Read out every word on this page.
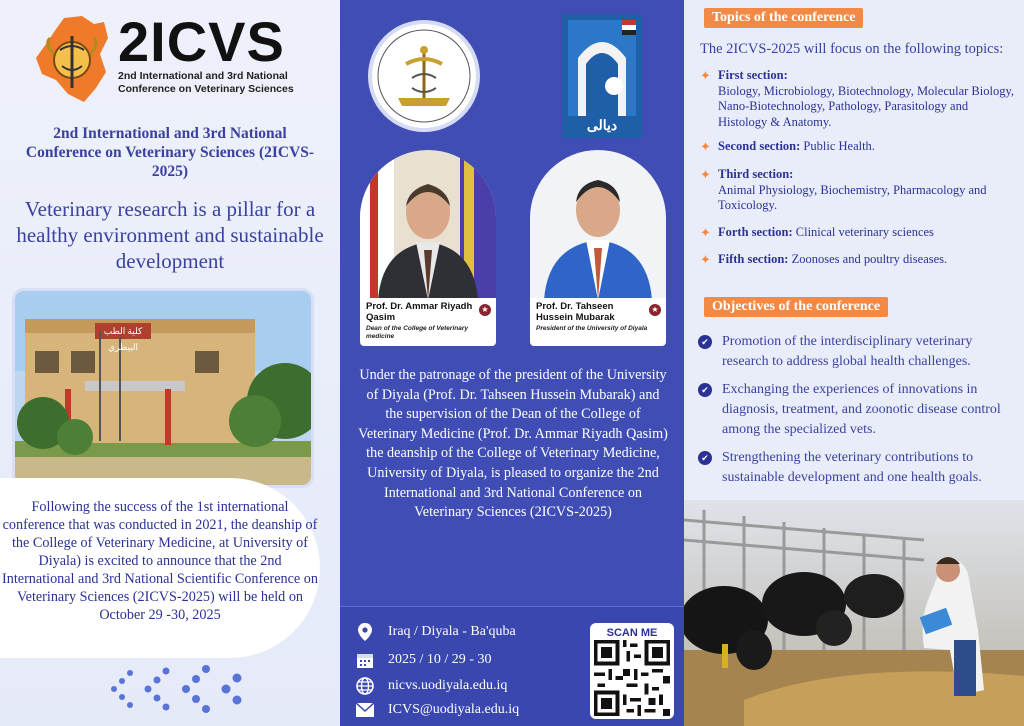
2ICVS
2nd International and 3rd National Conference on Veterinary Sciences
2nd International and 3rd National Conference on Veterinary Sciences (2ICVS-2025)
Veterinary research is a pillar for a healthy environment and sustainable development
كلية الطب البيطري
Following the success of the 1st international conference that was conducted in 2021, the deanship of the College of Veterinary Medicine, at University of Diyala) is excited to announce that the 2nd International and 3rd National Scientific Conference on Veterinary Sciences (2ICVS-2025) will be held on October 29 -30, 2025
ديالى
Prof. Dr. Ammar Riyadh Qasim
Dean of the College of Veterinary medicine
★	Prof. Dr. Tahseen Hussein Mubarak
President of the University of Diyala
★
Under the patronage of the president of the University of Diyala (Prof. Dr. Tahseen Hussein Mubarak) and the supervision of the Dean of the College of Veterinary Medicine (Prof. Dr. Ammar Riyadh Qasim) the deanship of the College of Veterinary Medicine, University of Diyala, is pleased to organize the 2nd International and 3rd National Conference on Veterinary Sciences (2ICVS-2025)
Iraq / Diyala - Ba'quba
2025 / 10 / 29 - 30
nicvs.uodiyala.edu.iq
ICVS@uodiyala.edu.iq
SCAN ME
Topics of the conference
The 2ICVS-2025 will focus on the following topics:
✦ First section:
Biology, Microbiology, Biotechnology, Molecular Biology, Nano-Biotechnology, Pathology, Parasitology and Histology & Anatomy.
✦ Second section: Public Health.
✦ Third section:
Animal Physiology, Biochemistry, Pharmacology and Toxicology.
✦ Forth section: Clinical veterinary sciences
✦ Fifth section: Zoonoses and poultry diseases.
Objectives of the conference
✔ Promotion of the interdisciplinary veterinary research to address global health challenges.
✔ Exchanging the experiences of innovations in diagnosis, treatment, and zoonotic disease control among the specialized vets.
✔ Strengthening the veterinary contributions to sustainable development and one health goals.
